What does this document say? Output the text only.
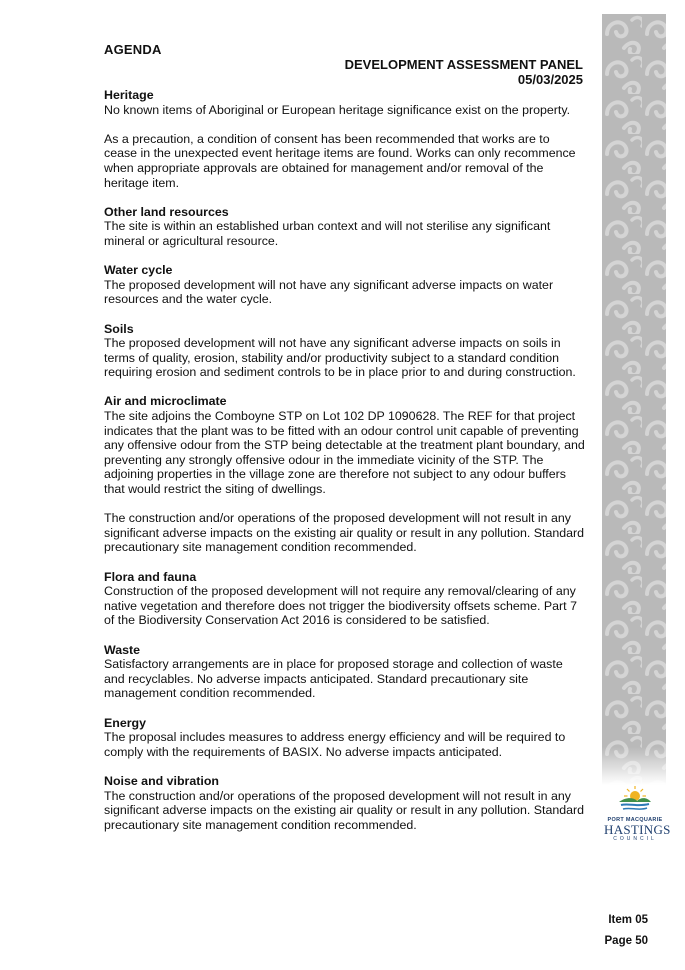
AGENDA
DEVELOPMENT ASSESSMENT PANEL
05/03/2025
Heritage

No known items of Aboriginal or European heritage significance exist on the property.

As a precaution, a condition of consent has been recommended that works are to cease in the unexpected event heritage items are found. Works can only recommence when appropriate approvals are obtained for management and/or removal of the heritage item.

Other land resources

The site is within an established urban context and will not sterilise any significant mineral or agricultural resource.

Water cycle

The proposed development will not have any significant adverse impacts on water resources and the water cycle.

Soils

The proposed development will not have any significant adverse impacts on soils in terms of quality, erosion, stability and/or productivity subject to a standard condition requiring erosion and sediment controls to be in place prior to and during construction.

Air and microclimate

The site adjoins the Comboyne STP on Lot 102 DP 1090628. The REF for that project indicates that the plant was to be fitted with an odour control unit capable of preventing any offensive odour from the STP being detectable at the treatment plant boundary, and preventing any strongly offensive odour in the immediate vicinity of the STP. The adjoining properties in the village zone are therefore not subject to any odour buffers that would restrict the siting of dwellings.

The construction and/or operations of the proposed development will not result in any significant adverse impacts on the existing air quality or result in any pollution. Standard precautionary site management condition recommended.

Flora and fauna

Construction of the proposed development will not require any removal/clearing of any native vegetation and therefore does not trigger the biodiversity offsets scheme. Part 7 of the Biodiversity Conservation Act 2016 is considered to be satisfied.

Waste

Satisfactory arrangements are in place for proposed storage and collection of waste and recyclables. No adverse impacts anticipated. Standard precautionary site management condition recommended.

Energy

The proposal includes measures to address energy efficiency and will be required to comply with the requirements of BASIX. No adverse impacts anticipated.

Noise and vibration

The construction and/or operations of the proposed development will not result in any significant adverse impacts on the existing air quality or result in any pollution. Standard precautionary site management condition recommended.	PORT MACQUARIE
HASTINGS
COUNCIL
Item 05
Page 50
